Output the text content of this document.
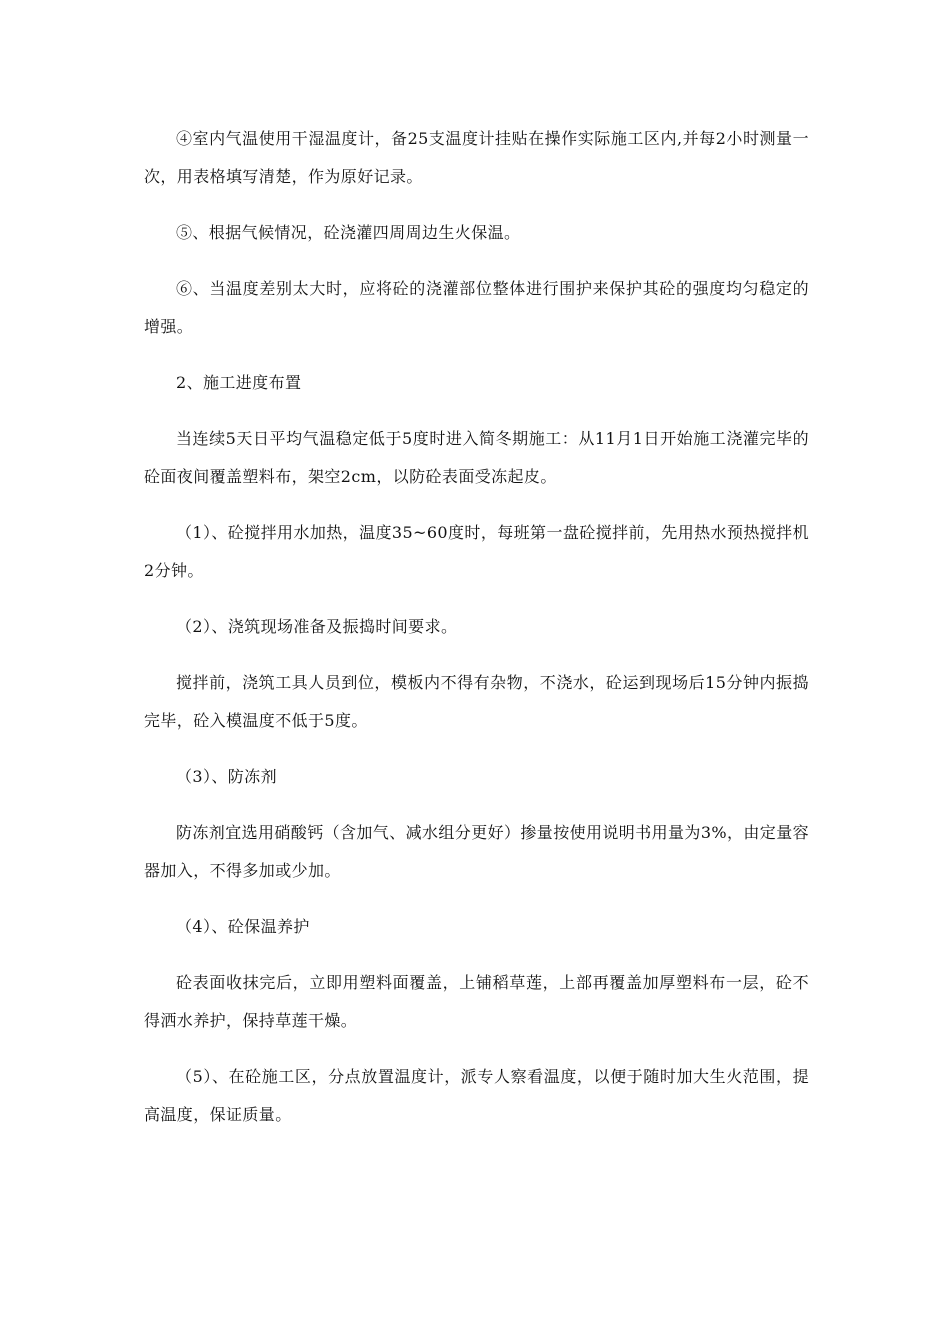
④室内气温使用干湿温度计，备25支温度计挂贴在操作实际施工区内,并每2小时测量一次，用表格填写清楚，作为原好记录。

⑤、根据气候情况，砼浇灌四周周边生火保温。

⑥、当温度差别太大时，应将砼的浇灌部位整体进行围护来保护其砼的强度均匀稳定的增强。

2、施工进度布置

当连续5天日平均气温稳定低于5度时进入简冬期施工：从11月1日开始施工浇灌完毕的砼面夜间覆盖塑料布，架空2cm，以防砼表面受冻起皮。

（1）、砼搅拌用水加热，温度35~60度时，每班第一盘砼搅拌前，先用热水预热搅拌机2分钟。

（2）、浇筑现场准备及振捣时间要求。

搅拌前，浇筑工具人员到位，模板内不得有杂物，不浇水，砼运到现场后15分钟内振捣完毕，砼入模温度不低于5度。

（3）、防冻剂

防冻剂宜选用硝酸钙（含加气、减水组分更好）掺量按使用说明书用量为3%，由定量容器加入，不得多加或少加。

（4）、砼保温养护

砼表面收抹完后，立即用塑料面覆盖，上铺稻草莲，上部再覆盖加厚塑料布一层，砼不得洒水养护，保持草莲干燥。

（5）、在砼施工区，分点放置温度计，派专人察看温度，以便于随时加大生火范围，提高温度，保证质量。
